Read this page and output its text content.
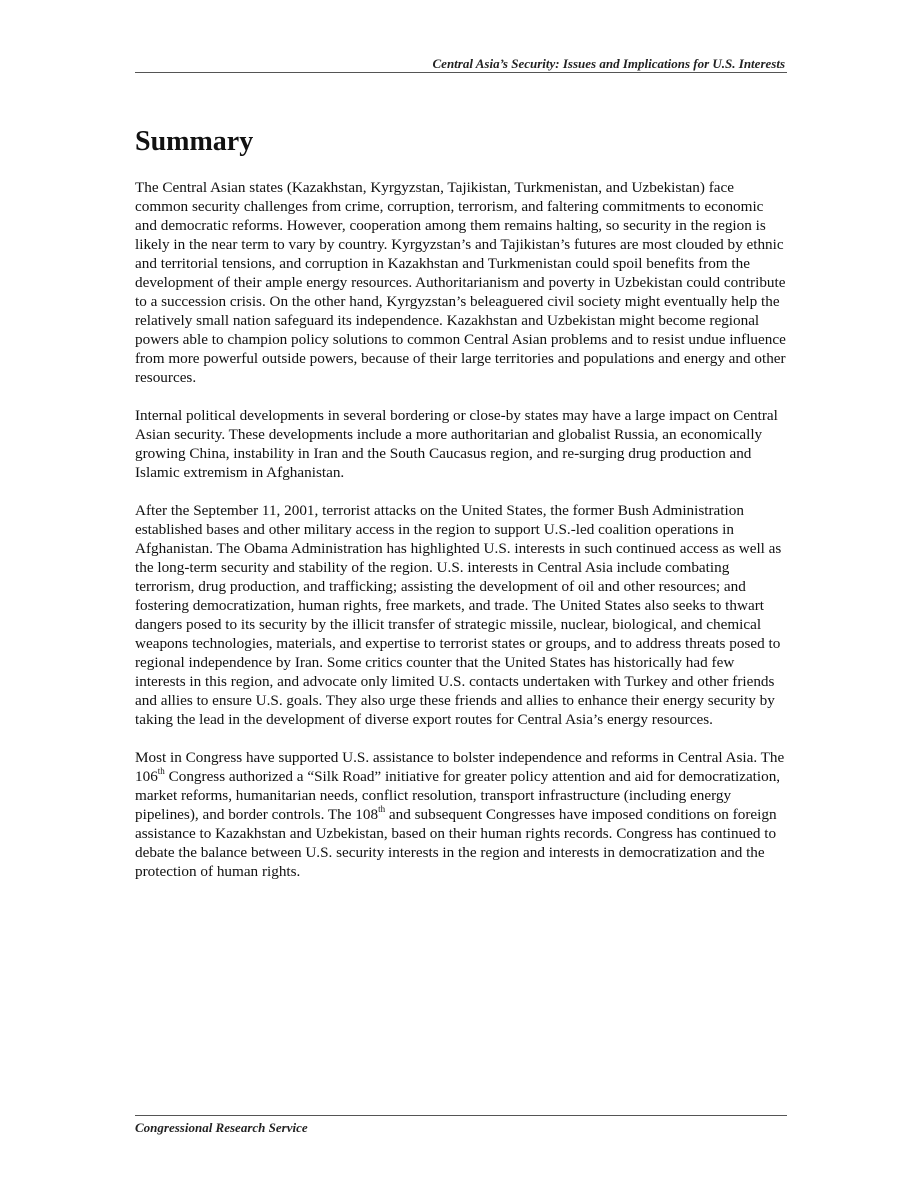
Central Asia’s Security: Issues and Implications for U.S. Interests
Summary

The Central Asian states (Kazakhstan, Kyrgyzstan, Tajikistan, Turkmenistan, and Uzbekistan) face common security challenges from crime, corruption, terrorism, and faltering commitments to economic and democratic reforms. However, cooperation among them remains halting, so security in the region is likely in the near term to vary by country. Kyrgyzstan’s and Tajikistan’s futures are most clouded by ethnic and territorial tensions, and corruption in Kazakhstan and Turkmenistan could spoil benefits from the development of their ample energy resources. Authoritarianism and poverty in Uzbekistan could contribute to a succession crisis. On the other hand, Kyrgyzstan’s beleaguered civil society might eventually help the relatively small nation safeguard its independence. Kazakhstan and Uzbekistan might become regional powers able to champion policy solutions to common Central Asian problems and to resist undue influence from more powerful outside powers, because of their large territories and populations and energy and other resources.

Internal political developments in several bordering or close-by states may have a large impact on Central Asian security. These developments include a more authoritarian and globalist Russia, an economically growing China, instability in Iran and the South Caucasus region, and re-surging drug production and Islamic extremism in Afghanistan.

After the September 11, 2001, terrorist attacks on the United States, the former Bush Administration established bases and other military access in the region to support U.S.-led coalition operations in Afghanistan. The Obama Administration has highlighted U.S. interests in such continued access as well as the long-term security and stability of the region. U.S. interests in Central Asia include combating terrorism, drug production, and trafficking; assisting the development of oil and other resources; and fostering democratization, human rights, free markets, and trade. The United States also seeks to thwart dangers posed to its security by the illicit transfer of strategic missile, nuclear, biological, and chemical weapons technologies, materials, and expertise to terrorist states or groups, and to address threats posed to regional independence by Iran. Some critics counter that the United States has historically had few interests in this region, and advocate only limited U.S. contacts undertaken with Turkey and other friends and allies to ensure U.S. goals. They also urge these friends and allies to enhance their energy security by taking the lead in the development of diverse export routes for Central Asia’s energy resources.

Most in Congress have supported U.S. assistance to bolster independence and reforms in Central Asia. The 106th Congress authorized a “Silk Road” initiative for greater policy attention and aid for democratization, market reforms, humanitarian needs, conflict resolution, transport infrastructure (including energy pipelines), and border controls. The 108th and subsequent Congresses have imposed conditions on foreign assistance to Kazakhstan and Uzbekistan, based on their human rights records. Congress has continued to debate the balance between U.S. security interests in the region and interests in democratization and the protection of human rights.

Congressional Research Service
